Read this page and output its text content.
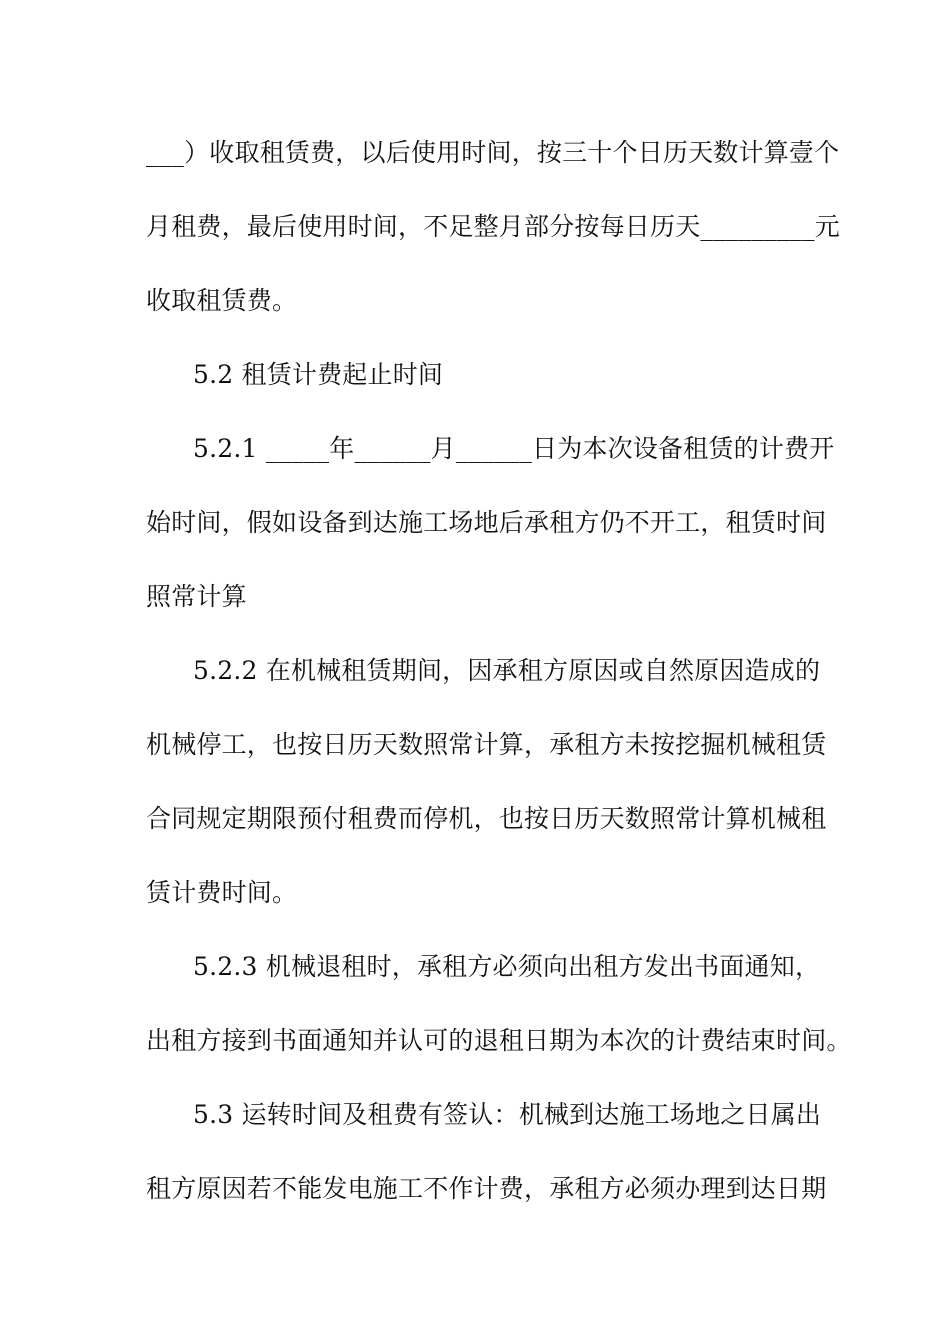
___）收取租赁费，以后使用时间，按三十个日历天数计算壹个
月租费，最后使用时间，不足整月部分按每日历天_________元
收取租赁费。
5.2 租赁计费起止时间
5.2.1 _____年______月______日为本次设备租赁的计费开
始时间，假如设备到达施工场地后承租方仍不开工，租赁时间
照常计算
5.2.2 在机械租赁期间，因承租方原因或自然原因造成的
机械停工，也按日历天数照常计算，承租方未按挖掘机械租赁
合同规定期限预付租费而停机，也按日历天数照常计算机械租
赁计费时间。
5.2.3 机械退租时，承租方必须向出租方发出书面通知，
出租方接到书面通知并认可的退租日期为本次的计费结束时间。
5.3 运转时间及租费有签认：机械到达施工场地之日属出
租方原因若不能发电施工不作计费，承租方必须办理到达日期
